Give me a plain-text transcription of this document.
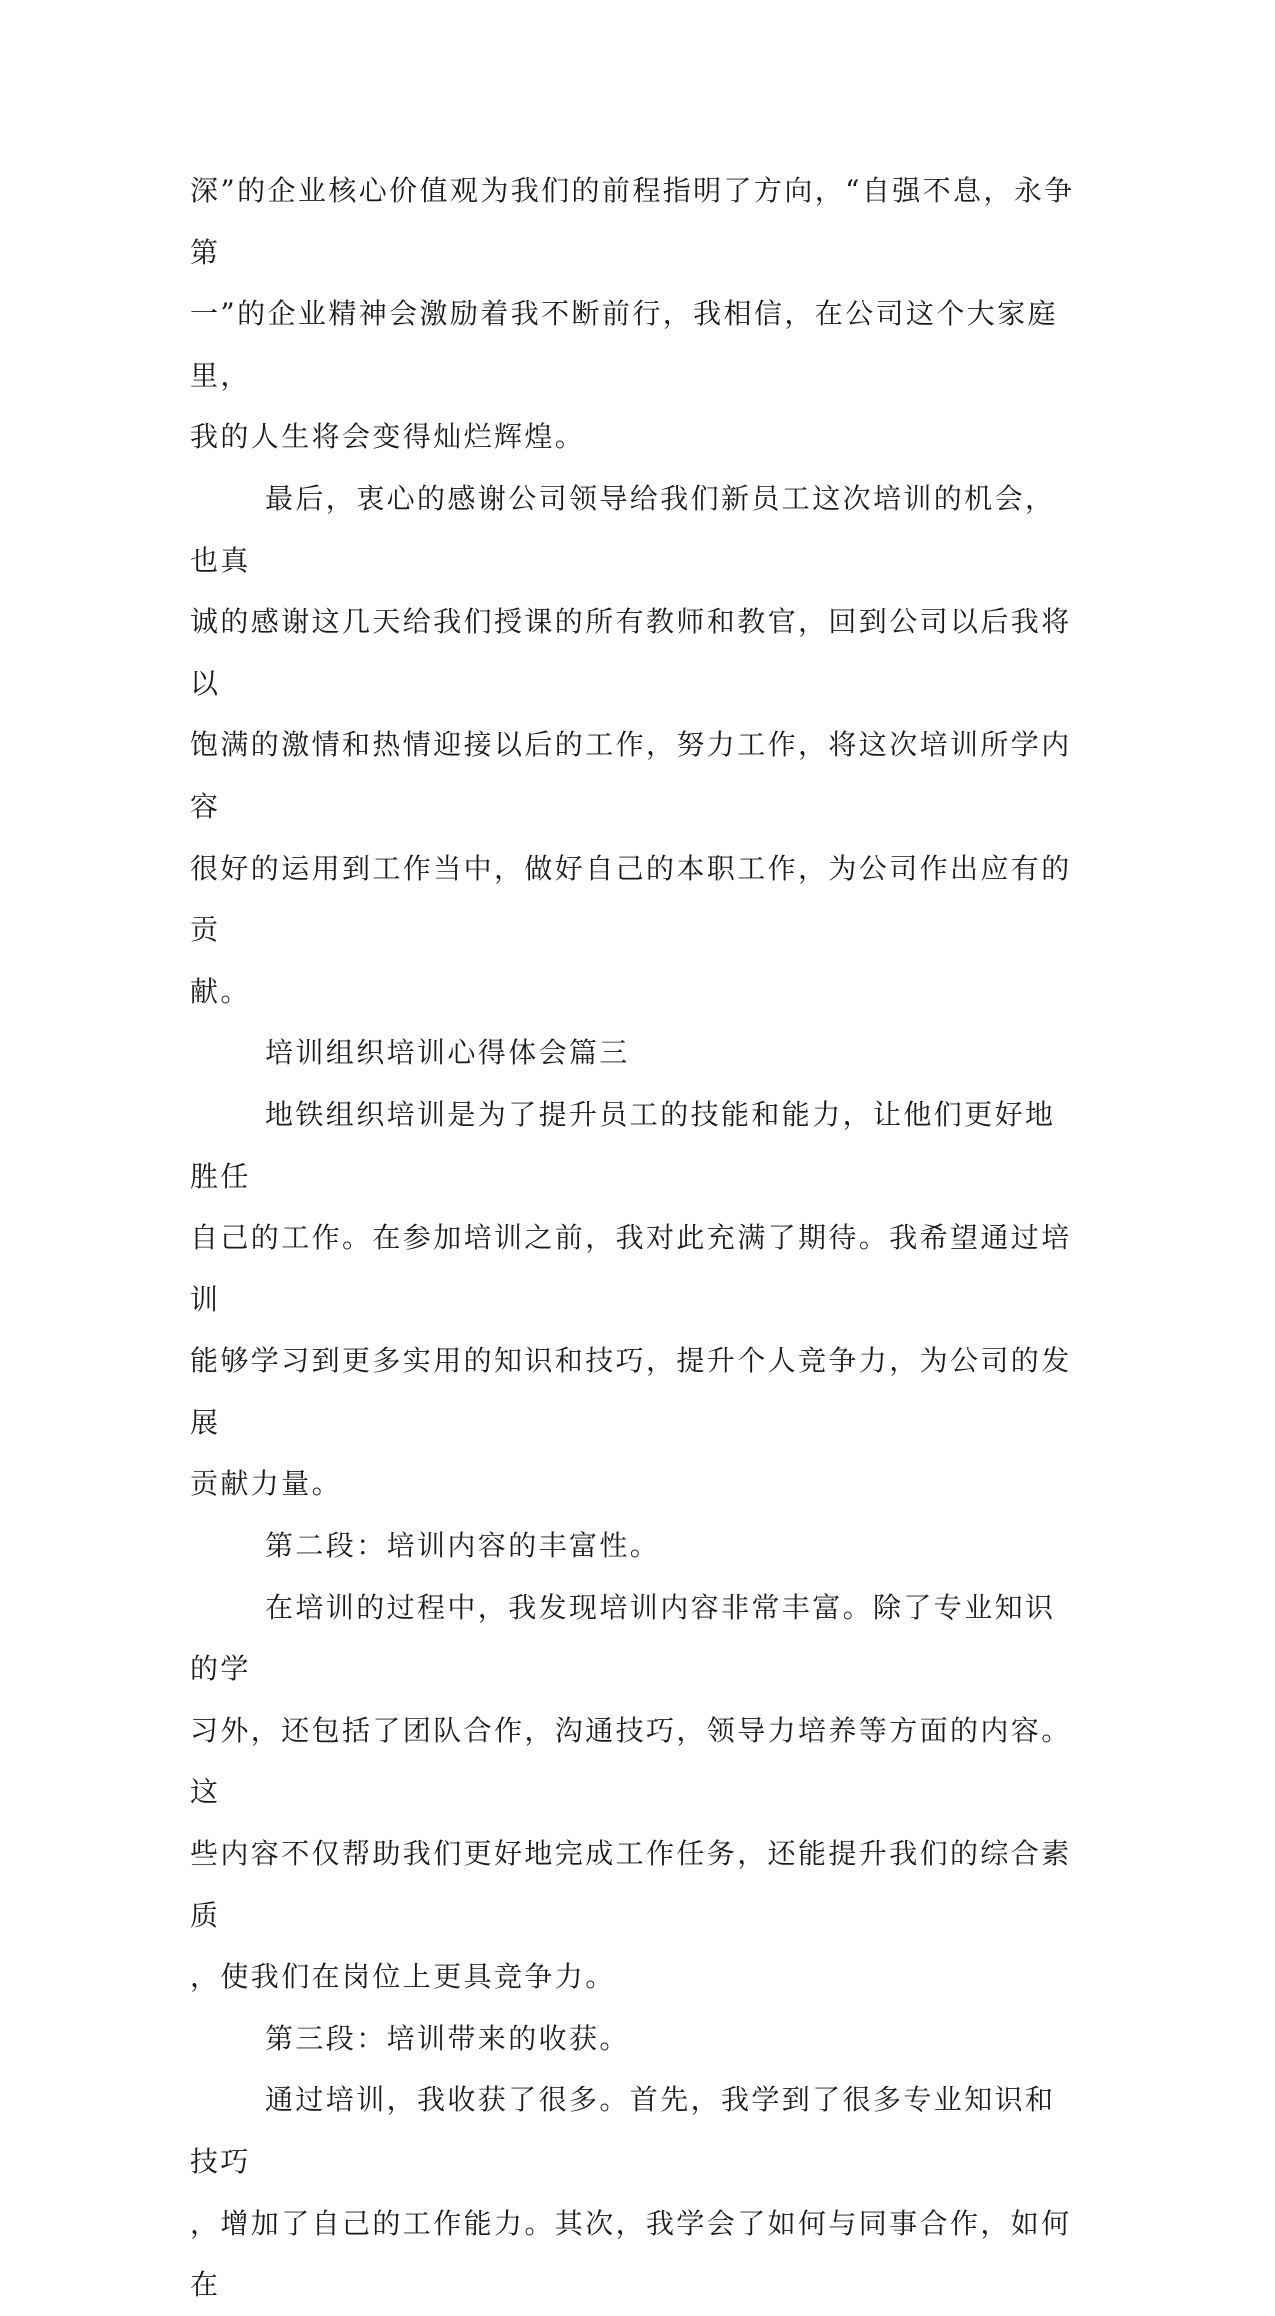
深”的企业核心价值观为我们的前程指明了方向，“自强不息，永争第
一”的企业精神会激励着我不断前行，我相信，在公司这个大家庭里，
我的人生将会变得灿烂辉煌。

最后，衷心的感谢公司领导给我们新员工这次培训的机会，也真
诚的感谢这几天给我们授课的所有教师和教官，回到公司以后我将以
饱满的激情和热情迎接以后的工作，努力工作，将这次培训所学内容
很好的运用到工作当中，做好自己的本职工作，为公司作出应有的贡
献。

培训组织培训心得体会篇三

地铁组织培训是为了提升员工的技能和能力，让他们更好地胜任
自己的工作。在参加培训之前，我对此充满了期待。我希望通过培训
能够学习到更多实用的知识和技巧，提升个人竞争力，为公司的发展
贡献力量。

第二段：培训内容的丰富性。

在培训的过程中，我发现培训内容非常丰富。除了专业知识的学
习外，还包括了团队合作，沟通技巧，领导力培养等方面的内容。这
些内容不仅帮助我们更好地完成工作任务，还能提升我们的综合素质
，使我们在岗位上更具竞争力。

第三段：培训带来的收获。

通过培训，我收获了很多。首先，我学到了很多专业知识和技巧
，增加了自己的工作能力。其次，我学会了如何与同事合作，如何在
